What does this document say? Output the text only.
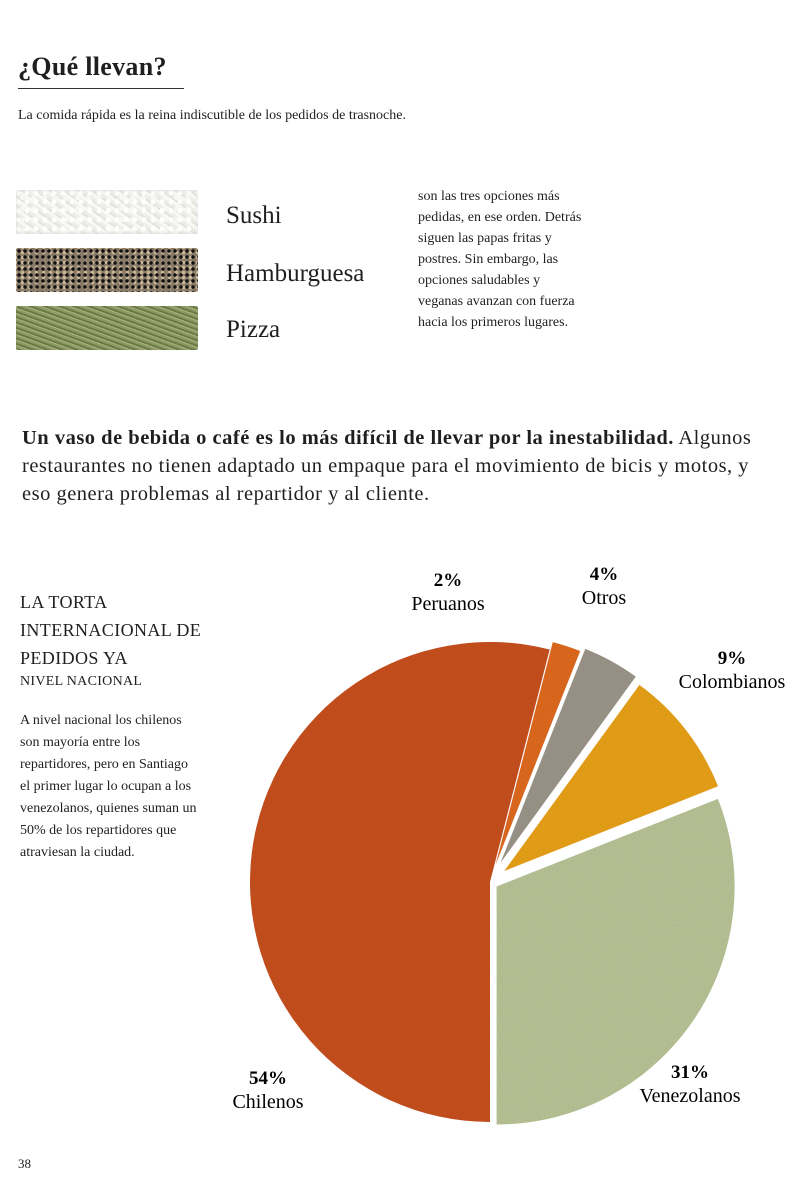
¿Qué llevan?
La comida rápida es la reina indiscutible de los pedidos de trasnoche.
Sushi
Hamburguesa
Pizza
son las tres opciones más pedidas, en ese orden. Detrás siguen las papas fritas y postres. Sin embargo, las opciones saludables y veganas avanzan con fuerza hacia los primeros lugares.
Un vaso de bebida o café es lo más difícil de llevar por la inestabilidad. Algunos restaurantes no tienen adaptado un empaque para el movimiento de bicis y motos, y eso genera problemas al repartidor y al cliente.
LA TORTA
INTERNACIONAL DE
PEDIDOS YA
NIVEL NACIONAL
A nivel nacional los chilenos son mayoría entre los repartidores, pero en Santiago el primer lugar lo ocupan a los venezolanos, quienes suman un 50% de los repartidores que atraviesan la ciudad.
54%
Chilenos
2%
Peruanos
4%
Otros
9%
Colombianos
31%
Venezolanos
38
